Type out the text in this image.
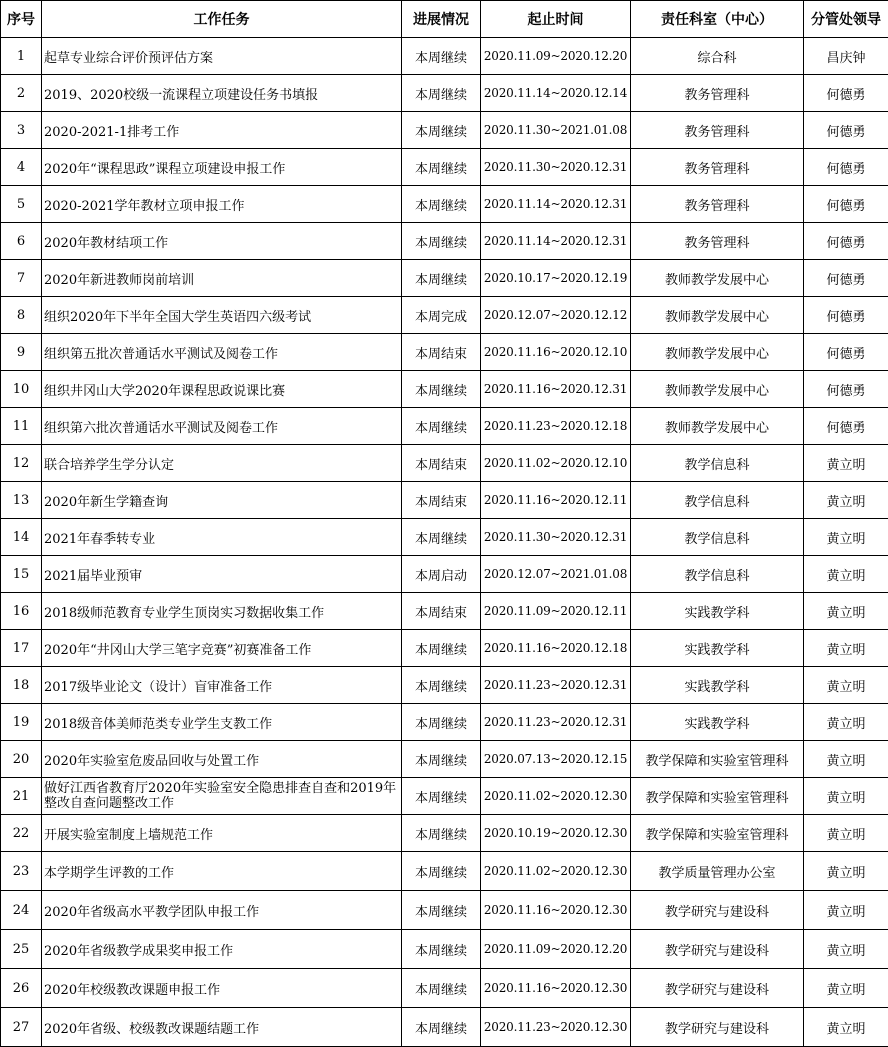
序号	工作任务	进展情况	起止时间	责任科室（中心）	分管处领导
1	起草专业综合评价预评估方案	本周继续	2020.11.09~2020.12.20	综合科	昌庆钟
2	2019、2020校级一流课程立项建设任务书填报	本周继续	2020.11.14~2020.12.14	教务管理科	何德勇
3	2020-2021-1排考工作	本周继续	2020.11.30~2021.01.08	教务管理科	何德勇
4	2020年“课程思政”课程立项建设申报工作	本周继续	2020.11.30~2020.12.31	教务管理科	何德勇
5	2020-2021学年教材立项申报工作	本周继续	2020.11.14~2020.12.31	教务管理科	何德勇
6	2020年教材结项工作	本周继续	2020.11.14~2020.12.31	教务管理科	何德勇
7	2020年新进教师岗前培训	本周继续	2020.10.17~2020.12.19	教师教学发展中心	何德勇
8	组织2020年下半年全国大学生英语四六级考试	本周完成	2020.12.07~2020.12.12	教师教学发展中心	何德勇
9	组织第五批次普通话水平测试及阅卷工作	本周结束	2020.11.16~2020.12.10	教师教学发展中心	何德勇
10	组织井冈山大学2020年课程思政说课比赛	本周继续	2020.11.16~2020.12.31	教师教学发展中心	何德勇
11	组织第六批次普通话水平测试及阅卷工作	本周继续	2020.11.23~2020.12.18	教师教学发展中心	何德勇
12	联合培养学生学分认定	本周结束	2020.11.02~2020.12.10	教学信息科	黄立明
13	2020年新生学籍查询	本周结束	2020.11.16~2020.12.11	教学信息科	黄立明
14	2021年春季转专业	本周继续	2020.11.30~2020.12.31	教学信息科	黄立明
15	2021届毕业预审	本周启动	2020.12.07~2021.01.08	教学信息科	黄立明
16	2018级师范教育专业学生顶岗实习数据收集工作	本周结束	2020.11.09~2020.12.11	实践教学科	黄立明
17	2020年“井冈山大学三笔字竞赛”初赛准备工作	本周继续	2020.11.16~2020.12.18	实践教学科	黄立明
18	2017级毕业论文（设计）盲审准备工作	本周继续	2020.11.23~2020.12.31	实践教学科	黄立明
19	2018级音体美师范类专业学生支教工作	本周继续	2020.11.23~2020.12.31	实践教学科	黄立明
20	2020年实验室危废品回收与处置工作	本周继续	2020.07.13~2020.12.15	教学保障和实验室管理科	黄立明
21	做好江西省教育厅2020年实验室安全隐患排查自查和2019年整改自查问题整改工作	本周继续	2020.11.02~2020.12.30	教学保障和实验室管理科	黄立明
22	开展实验室制度上墙规范工作	本周继续	2020.10.19~2020.12.30	教学保障和实验室管理科	黄立明
23	本学期学生评教的工作	本周继续	2020.11.02~2020.12.30	教学质量管理办公室	黄立明
24	2020年省级高水平教学团队申报工作	本周继续	2020.11.16~2020.12.30	教学研究与建设科	黄立明
25	2020年省级教学成果奖申报工作	本周继续	2020.11.09~2020.12.20	教学研究与建设科	黄立明
26	2020年校级教改课题申报工作	本周继续	2020.11.16~2020.12.30	教学研究与建设科	黄立明
27	2020年省级、校级教改课题结题工作	本周继续	2020.11.23~2020.12.30	教学研究与建设科	黄立明
